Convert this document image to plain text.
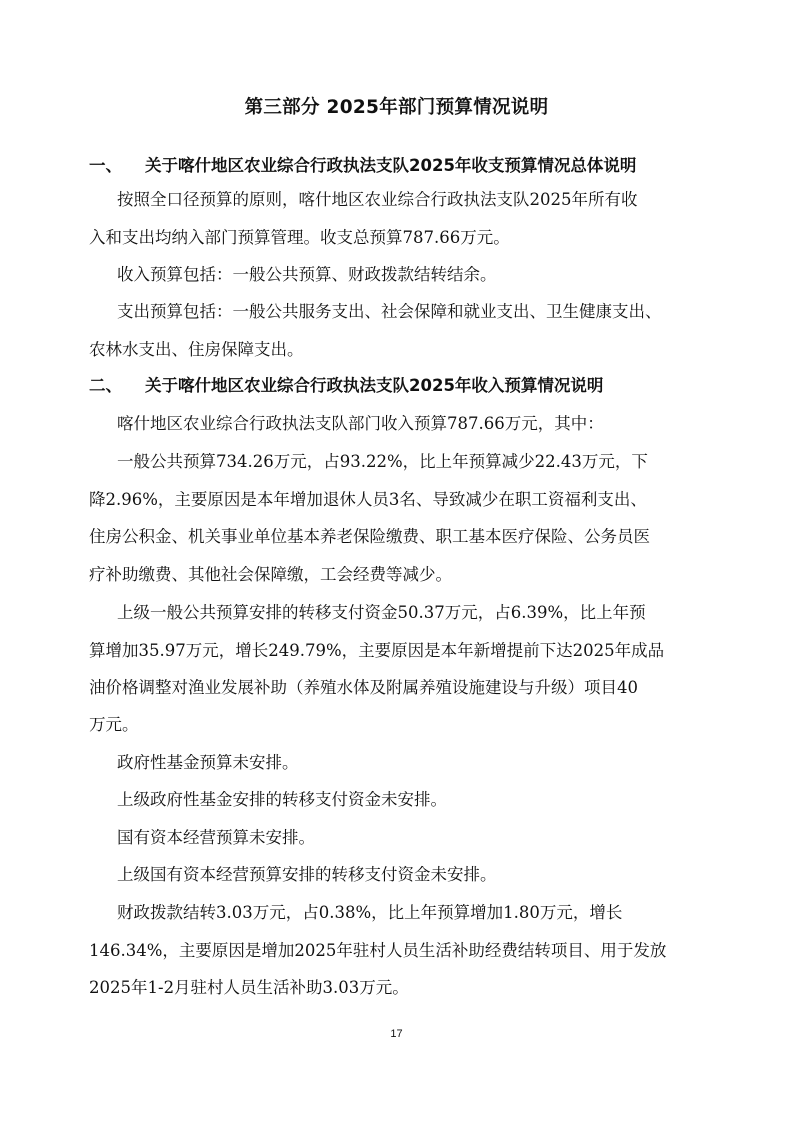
第三部分 2025年部门预算情况说明
一、 关于喀什地区农业综合行政执法支队2025年收支预算情况总体说明
按照全口径预算的原则，喀什地区农业综合行政执法支队2025年所有收
入和支出均纳入部门预算管理。收支总预算787.66万元。
收入预算包括：一般公共预算、财政拨款结转结余。
支出预算包括：一般公共服务支出、社会保障和就业支出、卫生健康支出、
农林水支出、住房保障支出。
二、 关于喀什地区农业综合行政执法支队2025年收入预算情况说明
喀什地区农业综合行政执法支队部门收入预算787.66万元，其中：
一般公共预算734.26万元，占93.22%，比上年预算减少22.43万元，下
降2.96%，主要原因是本年增加退休人员3名、导致减少在职工资福利支出、
住房公积金、机关事业单位基本养老保险缴费、职工基本医疗保险、公务员医
疗补助缴费、其他社会保障缴，工会经费等减少。
上级一般公共预算安排的转移支付资金50.37万元，占6.39%，比上年预
算增加35.97万元，增长249.79%，主要原因是本年新增提前下达2025年成品
油价格调整对渔业发展补助（养殖水体及附属养殖设施建设与升级）项目40
万元。
政府性基金预算未安排。
上级政府性基金安排的转移支付资金未安排。
国有资本经营预算未安排。
上级国有资本经营预算安排的转移支付资金未安排。
财政拨款结转3.03万元，占0.38%，比上年预算增加1.80万元，增长
146.34%，主要原因是增加2025年驻村人员生活补助经费结转项目、用于发放
2025年1-2月驻村人员生活补助3.03万元。
17
